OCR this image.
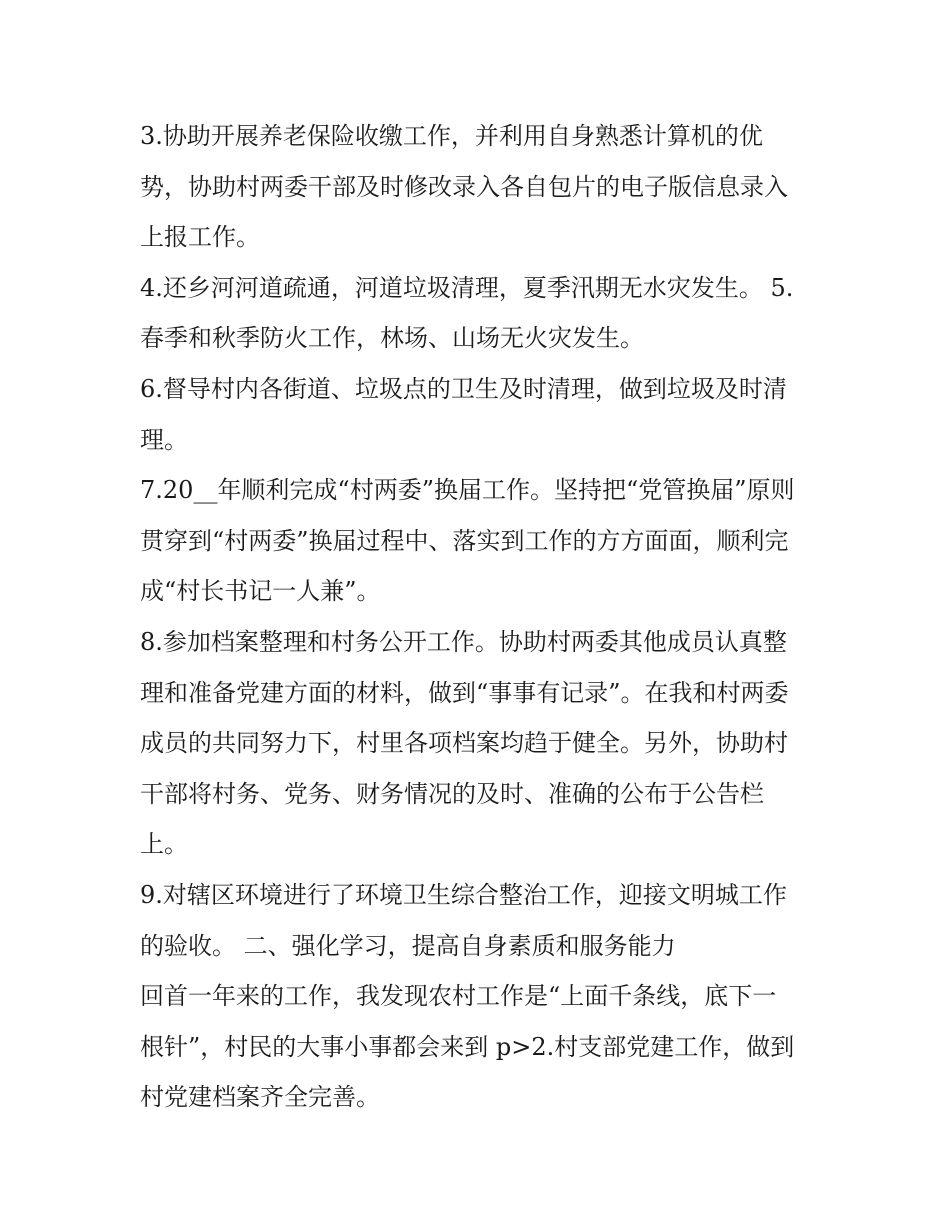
3.协助开展养老保险收缴工作，并利用自身熟悉计算机的优
势，协助村两委干部及时修改录入各自包片的电子版信息录入
上报工作。
4.还乡河河道疏通，河道垃圾清理，夏季汛期无水灾发生。 5.
春季和秋季防火工作，林场、山场无火灾发生。
6.督导村内各街道、垃圾点的卫生及时清理，做到垃圾及时清
理。
7.20__年顺利完成“村两委”换届工作。坚持把“党管换届”原则
贯穿到“村两委”换届过程中、落实到工作的方方面面，顺利完
成“村长书记一人兼”。
8.参加档案整理和村务公开工作。协助村两委其他成员认真整
理和准备党建方面的材料，做到“事事有记录”。在我和村两委
成员的共同努力下，村里各项档案均趋于健全。另外，协助村
干部将村务、党务、财务情况的及时、准确的公布于公告栏
上。
9.对辖区环境进行了环境卫生综合整治工作，迎接文明城工作
的验收。 二、强化学习，提高自身素质和服务能力
回首一年来的工作，我发现农村工作是“上面千条线，底下一
根针”，村民的大事小事都会来到 p>2.村支部党建工作，做到
村党建档案齐全完善。
